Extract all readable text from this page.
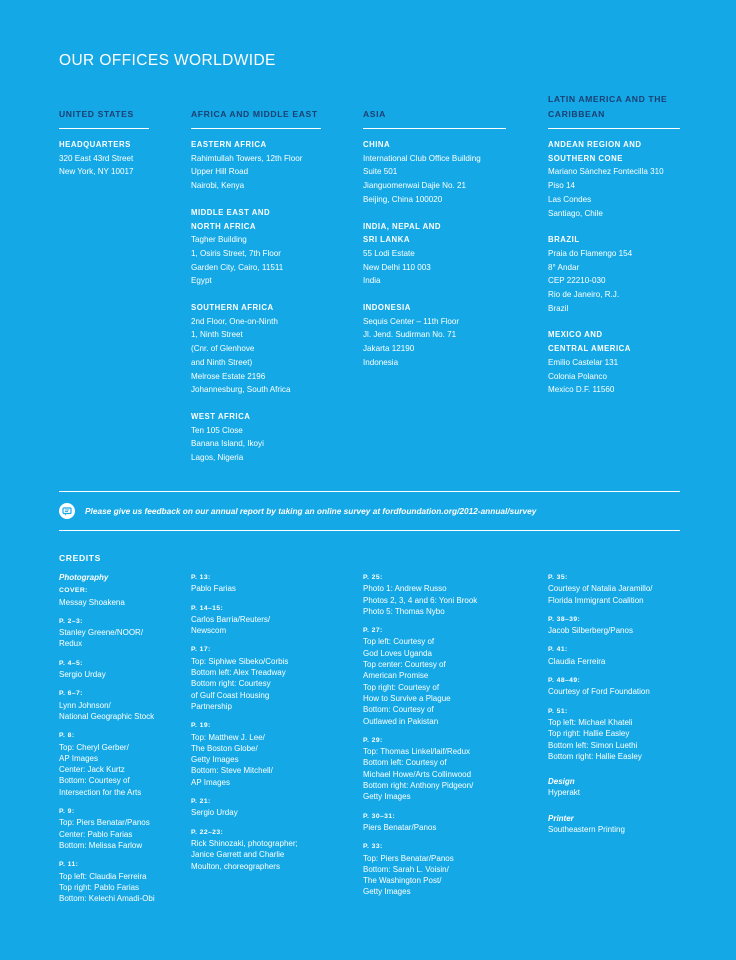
OUR OFFICES WORLDWIDE
UNITED STATES
HEADQUARTERS
320 East 43rd Street
New York, NY 10017
AFRICA AND MIDDLE EAST
EASTERN AFRICA
Rahimtullah Towers, 12th Floor
Upper Hill Road
Nairobi, Kenya
MIDDLE EAST AND
NORTH AFRICA
Tagher Building
1, Osiris Street, 7th Floor
Garden City, Cairo, 11511
Egypt
SOUTHERN AFRICA
2nd Floor, One-on-Ninth
1, Ninth Street
(Cnr. of Glenhove
and Ninth Street)
Melrose Estate 2196
Johannesburg, South Africa
WEST AFRICA
Ten 105 Close
Banana Island, Ikoyi
Lagos, Nigeria
ASIA
CHINA
International Club Office Building
Suite 501
Jianguomenwai Dajie No. 21
Beijing, China 100020
INDIA, NEPAL AND
SRI LANKA
55 Lodi Estate
New Delhi 110 003
India
INDONESIA
Sequis Center – 11th Floor
Jl. Jend. Sudirman No. 71
Jakarta 12190
Indonesia
LATIN AMERICA AND THE CARIBBEAN
ANDEAN REGION AND
SOUTHERN CONE
Mariano Sánchez Fontecilla 310
Piso 14
Las Condes
Santiago, Chile
BRAZIL
Praia do Flamengo 154
8° Andar
CEP 22210-030
Rio de Janeiro, R.J.
Brazil
MEXICO AND
CENTRAL AMERICA
Emilio Castelar 131
Colonia Polanco
Mexico D.F. 11560
Please give us feedback on our annual report by taking an online survey at fordfoundation.org/2012-annual/survey
CREDITS
Photography
COVER:
Messay Shoakena
P. 2–3:
Stanley Greene/NOOR/
Redux
P. 4–5:
Sergio Urday
P. 6–7:
Lynn Johnson/
National Geographic Stock
P. 8:
Top: Cheryl Gerber/
AP Images
Center: Jack Kurtz
Bottom: Courtesy of
Intersection for the Arts
P. 9:
Top: Piers Benatar/Panos
Center: Pablo Farias
Bottom: Melissa Farlow
P. 11:
Top left: Claudia Ferreira
Top right: Pablo Farias
Bottom: Kelechi Amadi-Obi
P. 13:
Pablo Farias
P. 14–15:
Carlos Barria/Reuters/
Newscom
P. 17:
Top: Siphiwe Sibeko/Corbis
Bottom left: Alex Treadway
Bottom right: Courtesy
of Gulf Coast Housing
Partnership
P. 19:
Top: Matthew J. Lee/
The Boston Globe/
Getty Images
Bottom: Steve Mitchell/
AP Images
P. 21:
Sergio Urday
P. 22–23:
Rick Shinozaki, photographer;
Janice Garrett and Charlie
Moulton, choreographers
P. 25:
Photo 1: Andrew Russo
Photos 2, 3, 4 and 6: Yoni Brook
Photo 5: Thomas Nybo
P. 27:
Top left: Courtesy of
God Loves Uganda
Top center: Courtesy of
American Promise
Top right: Courtesy of
How to Survive a Plague
Bottom: Courtesy of
Outlawed in Pakistan
P. 29:
Top: Thomas Linkel/laif/Redux
Bottom left: Courtesy of
Michael Howe/Arts Collinwood
Bottom right: Anthony Pidgeon/
Getty Images
P. 30–31:
Piers Benatar/Panos
P. 33:
Top: Piers Benatar/Panos
Bottom: Sarah L. Voisin/
The Washington Post/
Getty Images
P. 35:
Courtesy of Natalia Jaramillo/
Florida Immigrant Coalition
P. 38–39:
Jacob Silberberg/Panos
P. 41:
Claudia Ferreira
P. 48–49:
Courtesy of Ford Foundation
P. 51:
Top left: Michael Khateli
Top right: Hallie Easley
Bottom left: Simon Luethi
Bottom right: Hallie Easley
Design
Hyperakt
Printer
Southeastern Printing
